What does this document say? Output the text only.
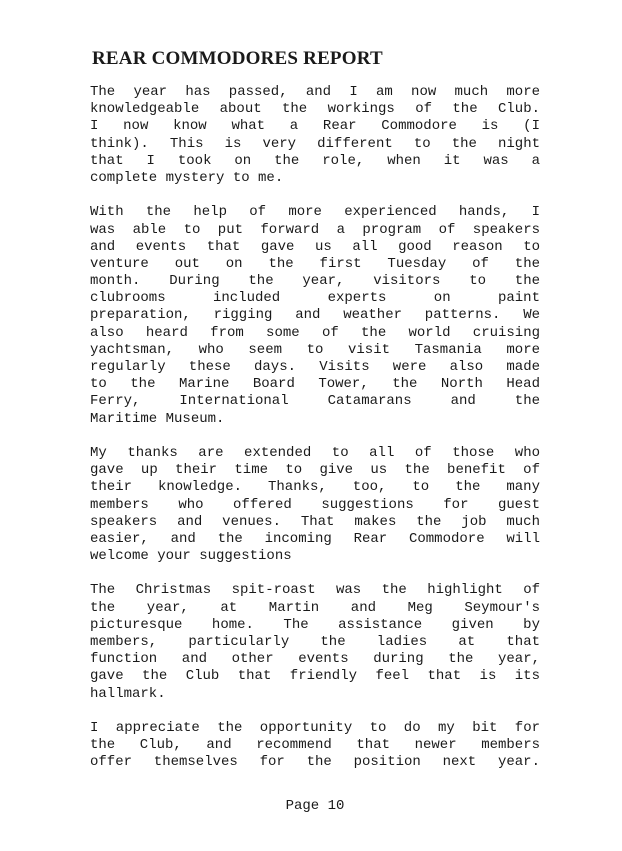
REAR COMMODORES REPORT
The year has passed, and I am now much more
knowledgeable about the workings of the Club.
I now know what a Rear Commodore is (I
think). This is very different to the night
that I took on the role, when it was a
complete mystery to me.
With the help of more experienced hands, I
was able to put forward a program of speakers
and events that gave us all good reason to
venture out on the first Tuesday of the
month. During the year, visitors to the
clubrooms included experts on paint
preparation, rigging and weather patterns. We
also heard from some of the world cruising
yachtsman, who seem to visit Tasmania more
regularly these days. Visits were also made
to the Marine Board Tower, the North Head
Ferry, International Catamarans and the
Maritime Museum.
My thanks are extended to all of those who
gave up their time to give us the benefit of
their knowledge. Thanks, too, to the many
members who offered suggestions for guest
speakers and venues. That makes the job much
easier, and the incoming Rear Commodore will
welcome your suggestions
The Christmas spit-roast was the highlight of
the year, at Martin and Meg Seymour's
picturesque home. The assistance given by
members, particularly the ladies at that
function and other events during the year,
gave the Club that friendly feel that is its
hallmark.
I appreciate the opportunity to do my bit for
the Club, and recommend that newer members
offer themselves for the position next year.

Page 10
